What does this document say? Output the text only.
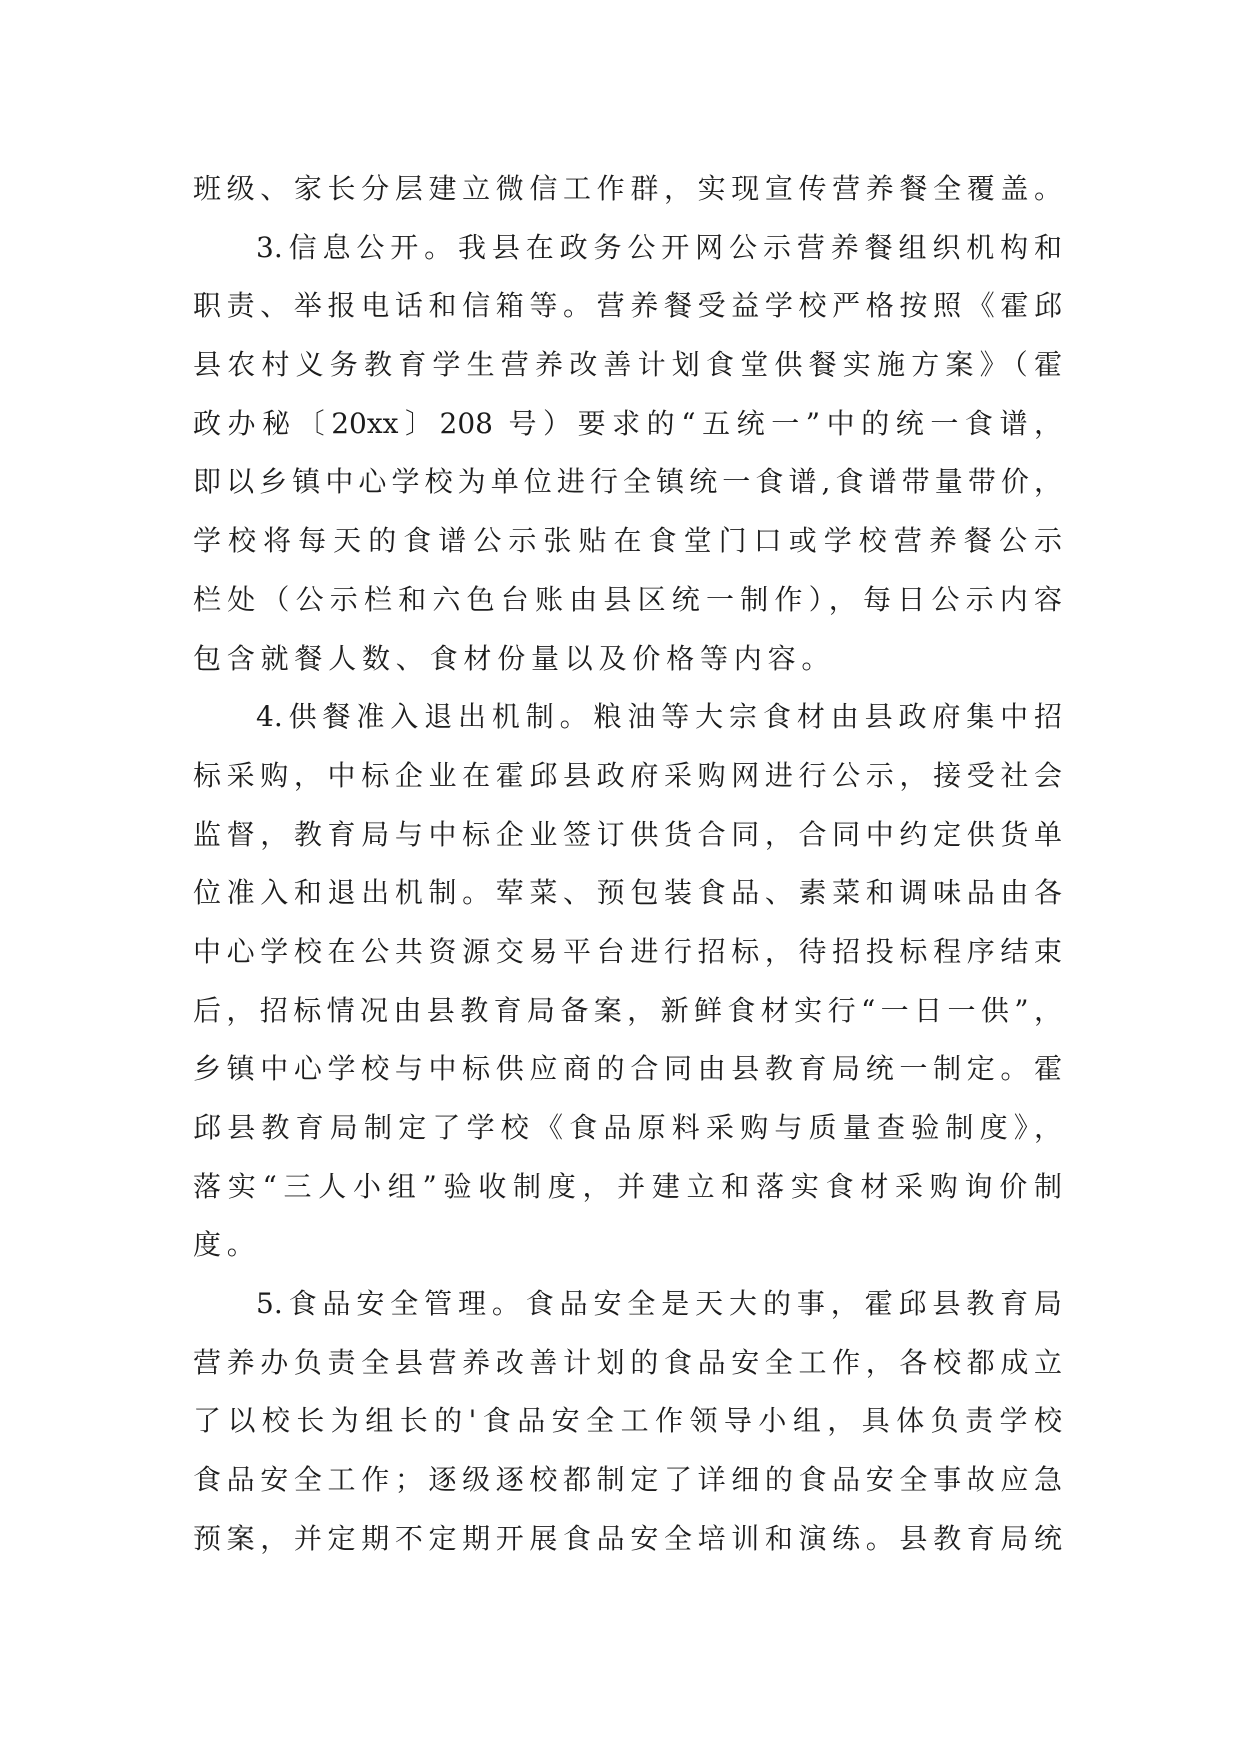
班级、家长分层建立微信工作群，实现宣传营养餐全覆盖。
3.信息公开。我县在政务公开网公示营养餐组织机构和
职责、举报电话和信箱等。营养餐受益学校严格按照《霍邱
县农村义务教育学生营养改善计划食堂供餐实施方案》（霍
政办秘〔20xx〕208 号）要求的“五统一”中的统一食谱，
即以乡镇中心学校为单位进行全镇统一食谱,食谱带量带价，
学校将每天的食谱公示张贴在食堂门口或学校营养餐公示
栏处（公示栏和六色台账由县区统一制作），每日公示内容
包含就餐人数、食材份量以及价格等内容。
4.供餐准入退出机制。粮油等大宗食材由县政府集中招
标采购，中标企业在霍邱县政府采购网进行公示，接受社会
监督，教育局与中标企业签订供货合同，合同中约定供货单
位准入和退出机制。荤菜、预包装食品、素菜和调味品由各
中心学校在公共资源交易平台进行招标，待招投标程序结束
后，招标情况由县教育局备案，新鲜食材实行“一日一供”，
乡镇中心学校与中标供应商的合同由县教育局统一制定。霍
邱县教育局制定了学校《食品原料采购与质量查验制度》，
落实“三人小组”验收制度，并建立和落实食材采购询价制
度。
5.食品安全管理。食品安全是天大的事，霍邱县教育局
营养办负责全县营养改善计划的食品安全工作，各校都成立
了以校长为组长的'食品安全工作领导小组，具体负责学校
食品安全工作；逐级逐校都制定了详细的食品安全事故应急
预案，并定期不定期开展食品安全培训和演练。县教育局统
